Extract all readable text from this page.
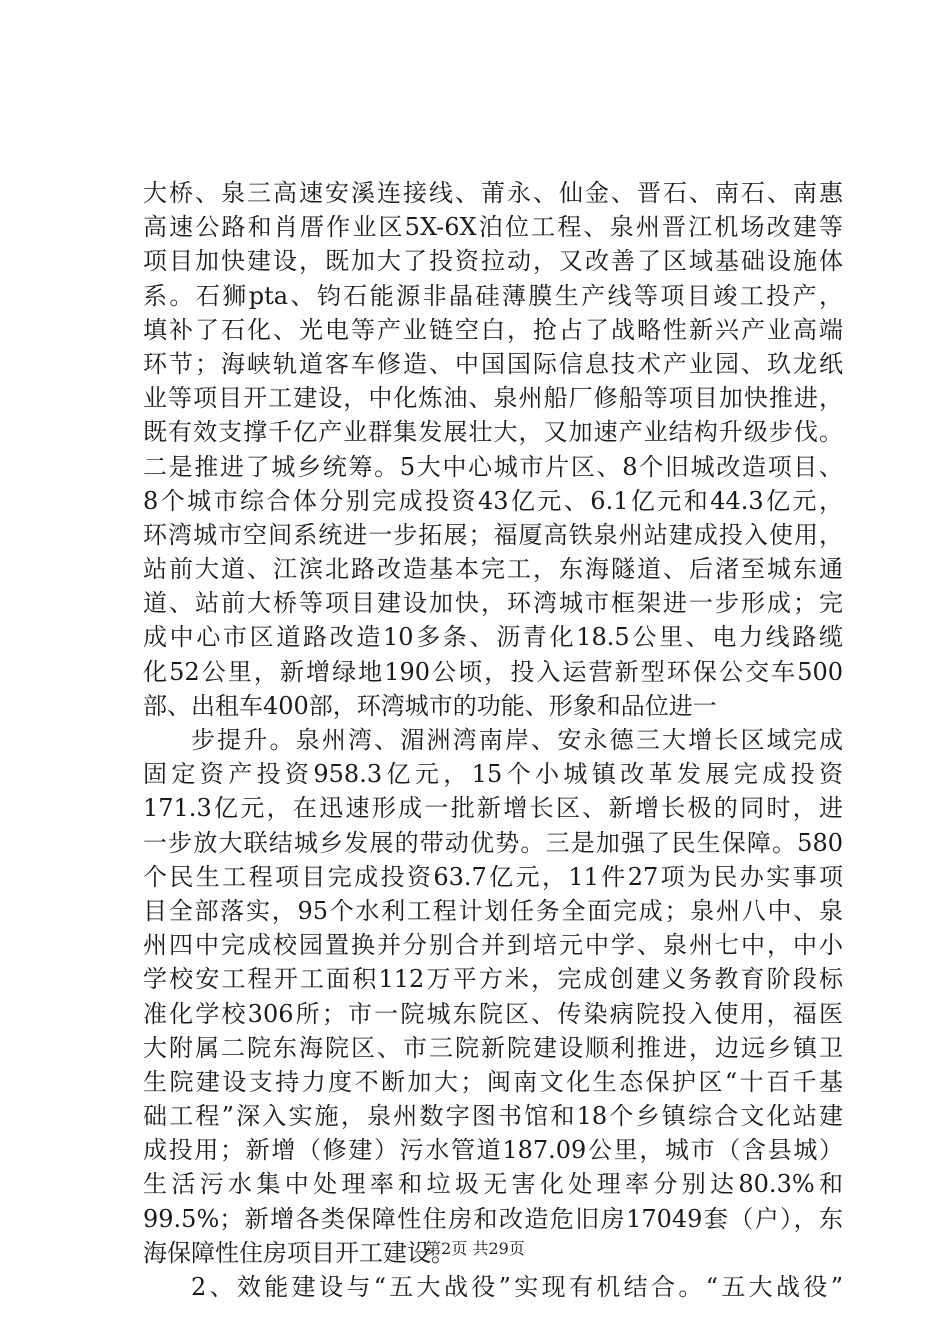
大桥、泉三高速安溪连接线、莆永、仙金、晋石、南石、南惠
高速公路和肖厝作业区5X-6X泊位工程、泉州晋江机场改建等
项目加快建设，既加大了投资拉动，又改善了区域基础设施体
系。石狮pta、钧石能源非晶硅薄膜生产线等项目竣工投产，
填补了石化、光电等产业链空白，抢占了战略性新兴产业高端
环节；海峡轨道客车修造、中国国际信息技术产业园、玖龙纸
业等项目开工建设，中化炼油、泉州船厂修船等项目加快推进，
既有效支撑千亿产业群集发展壮大，又加速产业结构升级步伐。
二是推进了城乡统筹。5大中心城市片区、8个旧城改造项目、
8个城市综合体分别完成投资43亿元、6.1亿元和44.3亿元，
环湾城市空间系统进一步拓展；福厦高铁泉州站建成投入使用，
站前大道、江滨北路改造基本完工，东海隧道、后渚至城东通
道、站前大桥等项目建设加快，环湾城市框架进一步形成；完
成中心市区道路改造10多条、沥青化18.5公里、电力线路缆
化52公里，新增绿地190公顷，投入运营新型环保公交车500
部、出租车400部，环湾城市的功能、形象和品位进一
步提升。泉州湾、湄洲湾南岸、安永德三大增长区域完成
固定资产投资958.3亿元，15个小城镇改革发展完成投资
171.3亿元，在迅速形成一批新增长区、新增长极的同时，进
一步放大联结城乡发展的带动优势。三是加强了民生保障。580
个民生工程项目完成投资63.7亿元，11件27项为民办实事项
目全部落实，95个水利工程计划任务全面完成；泉州八中、泉
州四中完成校园置换并分别合并到培元中学、泉州七中，中小
学校安工程开工面积112万平方米，完成创建义务教育阶段标
准化学校306所；市一院城东院区、传染病院投入使用，福医
大附属二院东海院区、市三院新院建设顺利推进，边远乡镇卫
生院建设支持力度不断加大；闽南文化生态保护区“十百千基
础工程”深入实施，泉州数字图书馆和18个乡镇综合文化站建
成投用；新增（修建）污水管道187.09公里，城市（含县城）
生活污水集中处理率和垃圾无害化处理率分别达80.3%和
99.5%；新增各类保障性住房和改造危旧房17049套（户），东
海保障性住房项目开工建设。
2、效能建设与“五大战役”实现有机结合。“五大战役”
第2页 共29页
